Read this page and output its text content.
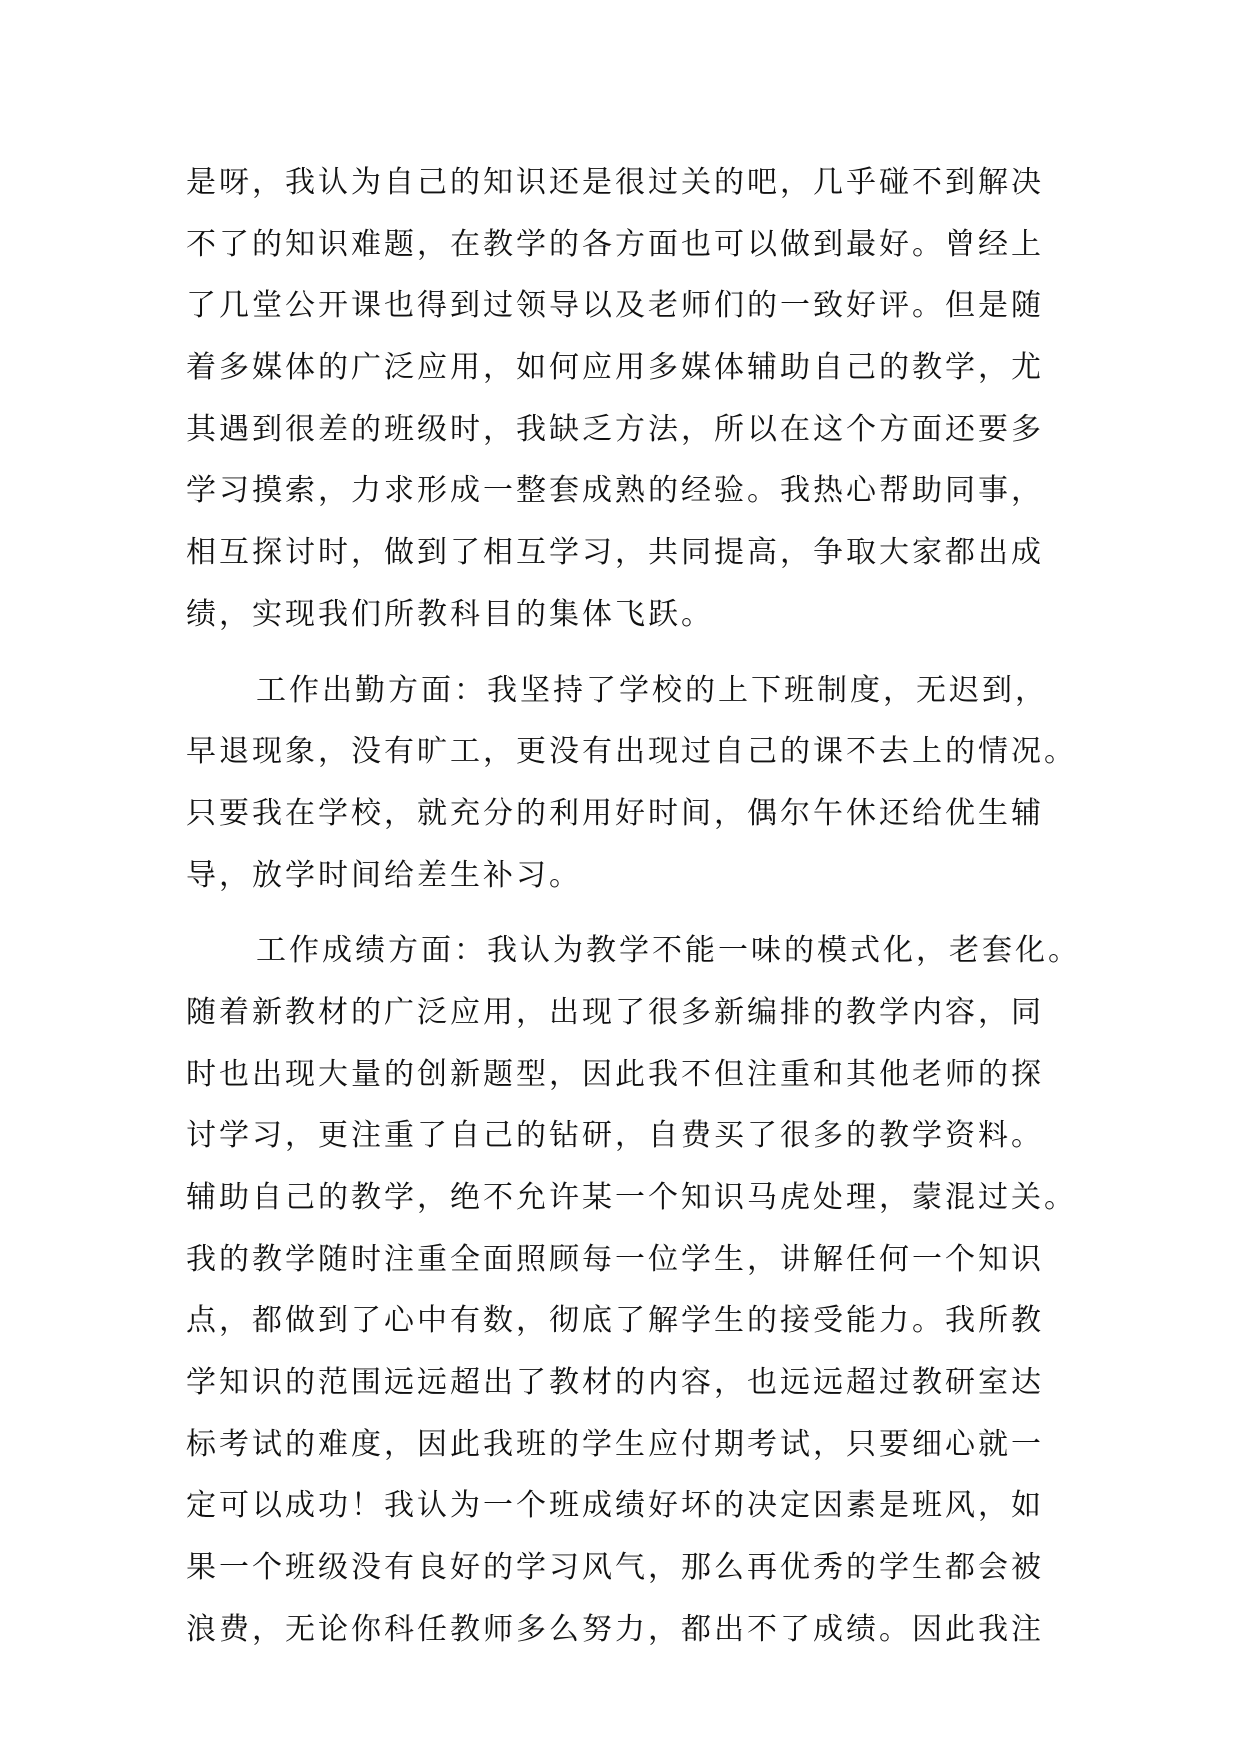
是呀，我认为自己的知识还是很过关的吧，几乎碰不到解决
不了的知识难题，在教学的各方面也可以做到最好。曾经上
了几堂公开课也得到过领导以及老师们的一致好评。但是随
着多媒体的广泛应用，如何应用多媒体辅助自己的教学，尤
其遇到很差的班级时，我缺乏方法，所以在这个方面还要多
学习摸索，力求形成一整套成熟的经验。我热心帮助同事，
相互探讨时，做到了相互学习，共同提高，争取大家都出成
绩，实现我们所教科目的集体飞跃。
工作出勤方面：我坚持了学校的上下班制度，无迟到，
早退现象，没有旷工，更没有出现过自己的课不去上的情况。
只要我在学校，就充分的利用好时间，偶尔午休还给优生辅
导，放学时间给差生补习。
工作成绩方面：我认为教学不能一味的模式化，老套化。
随着新教材的广泛应用，出现了很多新编排的教学内容，同
时也出现大量的创新题型，因此我不但注重和其他老师的探
讨学习，更注重了自己的钻研，自费买了很多的教学资料。
辅助自己的教学，绝不允许某一个知识马虎处理，蒙混过关。
我的教学随时注重全面照顾每一位学生，讲解任何一个知识
点，都做到了心中有数，彻底了解学生的接受能力。我所教
学知识的范围远远超出了教材的内容，也远远超过教研室达
标考试的难度，因此我班的学生应付期考试，只要细心就一
定可以成功！我认为一个班成绩好坏的决定因素是班风，如
果一个班级没有良好的学习风气，那么再优秀的学生都会被
浪费，无论你科任教师多么努力，都出不了成绩。因此我注
